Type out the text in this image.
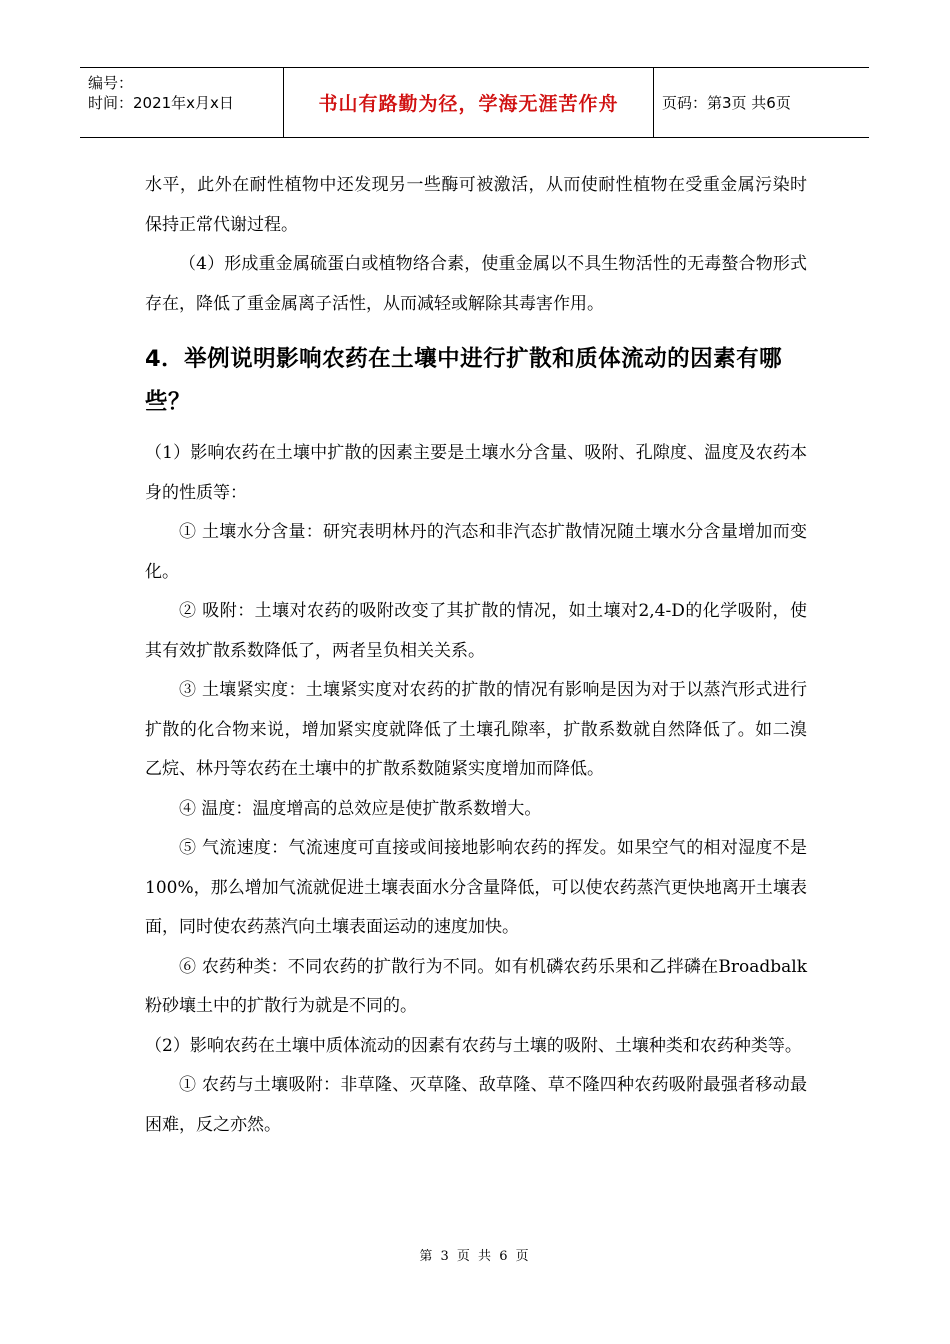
编号：
时间：2021年x月x日	书山有路勤为径，学海无涯苦作舟	页码：第3页 共6页

水平，此外在耐性植物中还发现另一些酶可被激活，从而使耐性植物在受重金属污染时保持正常代谢过程。

（4）形成重金属硫蛋白或植物络合素，使重金属以不具生物活性的无毒螯合物形式存在，降低了重金属离子活性，从而减轻或解除其毒害作用。

4．举例说明影响农药在土壤中进行扩散和质体流动的因素有哪些？

（1）影响农药在土壤中扩散的因素主要是土壤水分含量、吸附、孔隙度、温度及农药本身的性质等：

① 土壤水分含量：研究表明林丹的汽态和非汽态扩散情况随土壤水分含量增加而变化。

② 吸附：土壤对农药的吸附改变了其扩散的情况，如土壤对2,4-D的化学吸附，使其有效扩散系数降低了，两者呈负相关关系。

③ 土壤紧实度：土壤紧实度对农药的扩散的情况有影响是因为对于以蒸汽形式进行扩散的化合物来说，增加紧实度就降低了土壤孔隙率，扩散系数就自然降低了。如二溴乙烷、林丹等农药在土壤中的扩散系数随紧实度增加而降低。

④ 温度：温度增高的总效应是使扩散系数增大。

⑤ 气流速度：气流速度可直接或间接地影响农药的挥发。如果空气的相对湿度不是100%，那么增加气流就促进土壤表面水分含量降低，可以使农药蒸汽更快地离开土壤表面，同时使农药蒸汽向土壤表面运动的速度加快。

⑥ 农药种类：不同农药的扩散行为不同。如有机磷农药乐果和乙拌磷在Broadbalk粉砂壤土中的扩散行为就是不同的。

（2）影响农药在土壤中质体流动的因素有农药与土壤的吸附、土壤种类和农药种类等。

① 农药与土壤吸附：非草隆、灭草隆、敌草隆、草不隆四种农药吸附最强者移动最困难，反之亦然。

第 3 页 共 6 页
